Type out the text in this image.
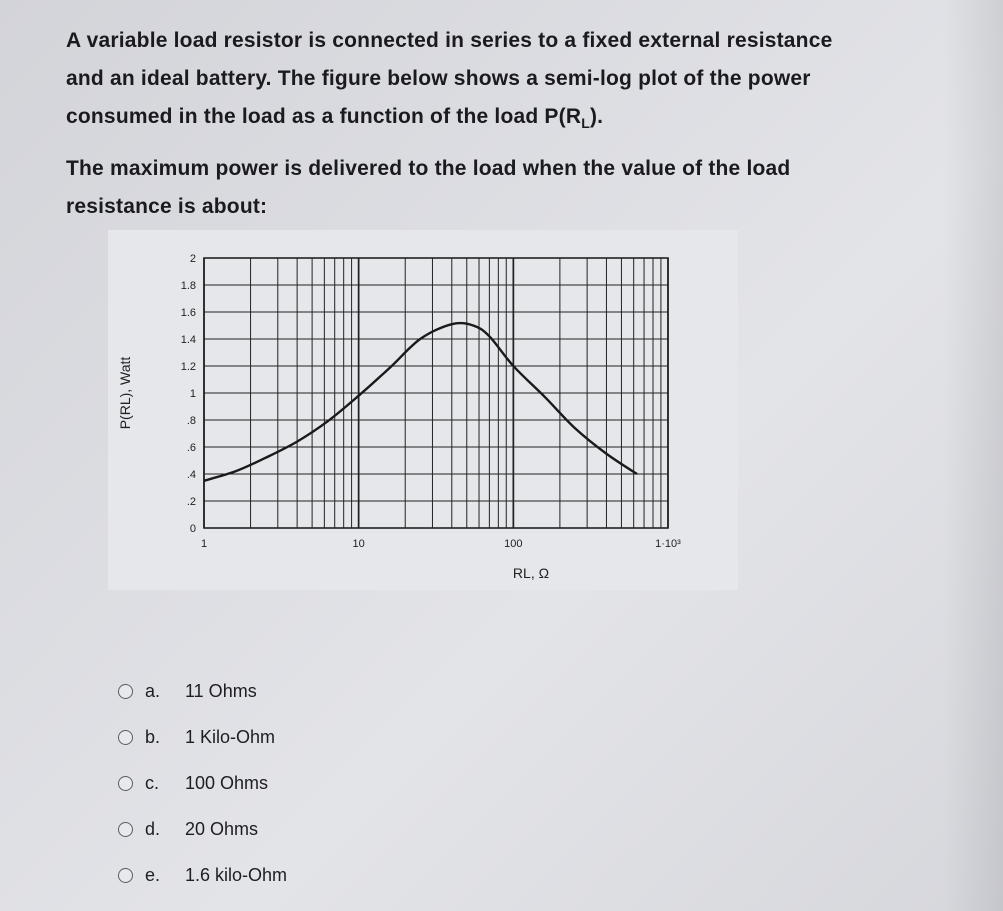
A variable load resistor is connected in series to a fixed external resistance

and an ideal battery. The figure below shows a semi-log plot of the power

consumed in the load as a function of the load $P(R_L)$.

The maximum power is delivered to the load when the value of the load

resistance is about:

0
.2
.4
.6
.8
1
1.2
1.4
1.6
1.8
2
1	10	100	1·10³
RL, Ω
P(RL), Watt
a.	11 Ohms
b.	1 Kilo-Ohm
c.	100 Ohms
d.	20 Ohms
e.	1.6 kilo-Ohm
